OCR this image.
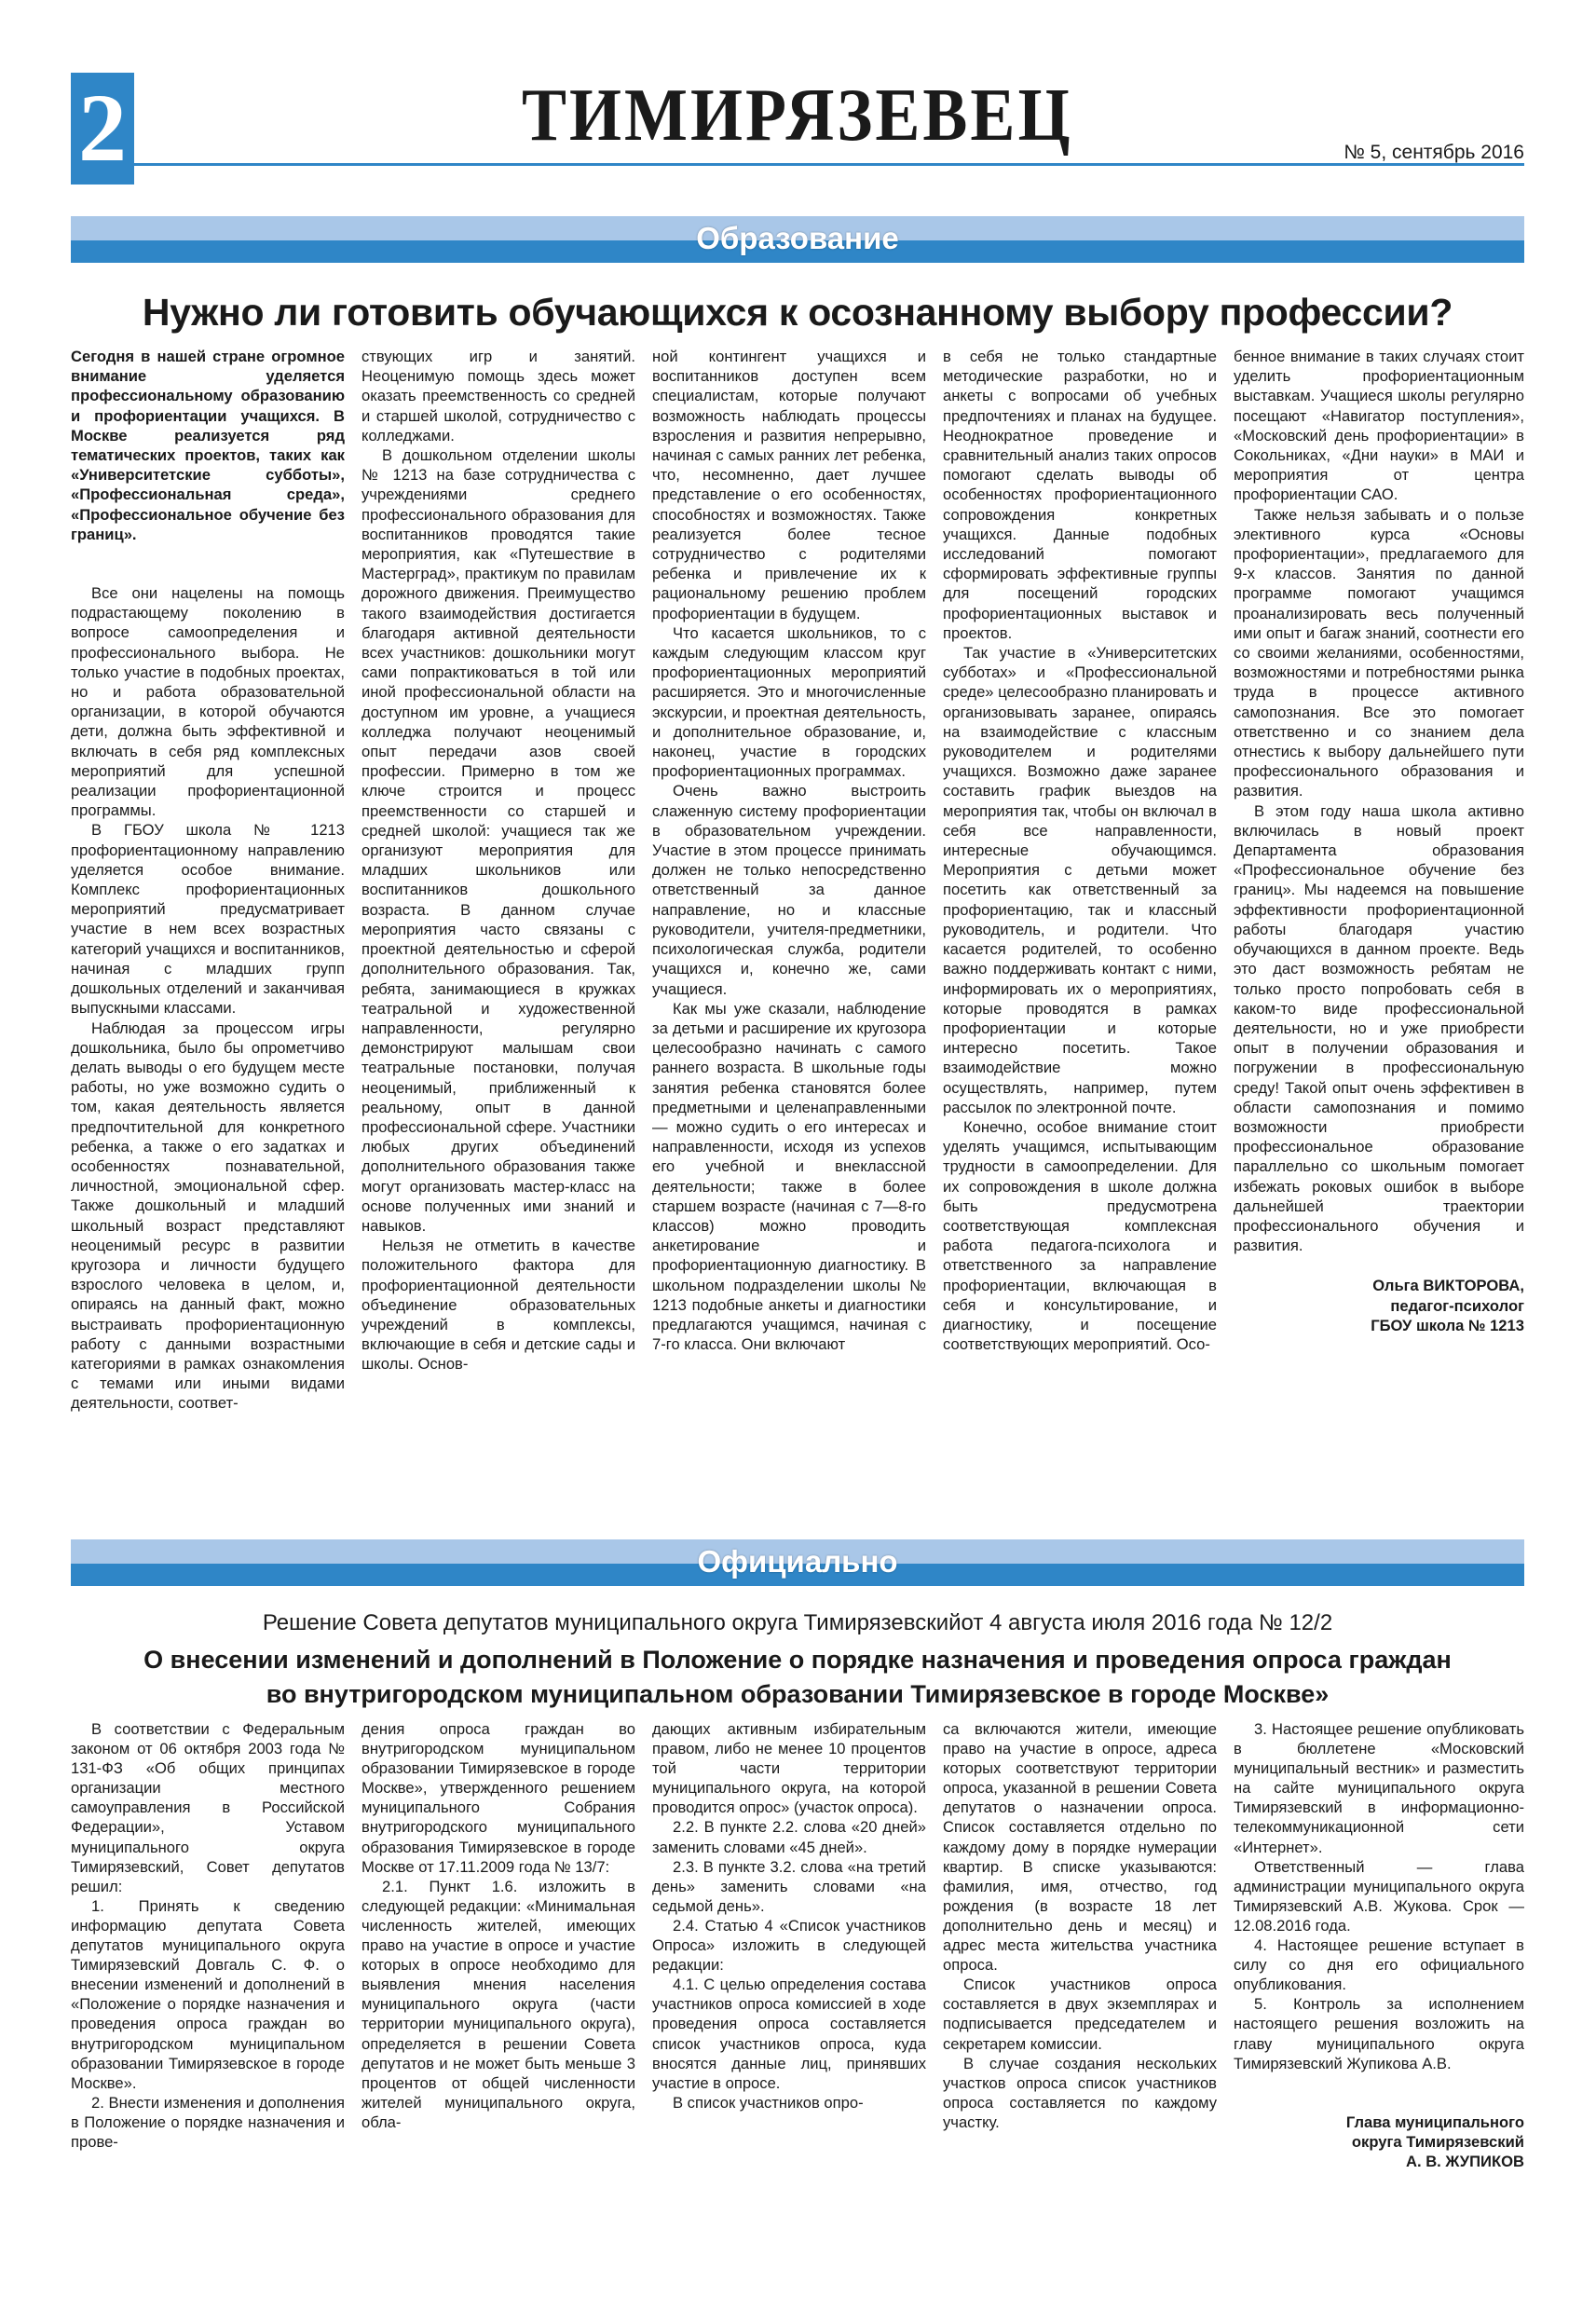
2	ТИМИРЯЗЕВЕЦ	№ 5, сентябрь 2016
Образование
Нужно ли готовить обучающихся к осознанному выбору профессии?

Сегодня в нашей стране огромное внимание уделяется профессиональному образованию и профориентации учащихся. В Москве реализуется ряд тематических проектов, таких как «Университетские субботы», «Профессиональная среда», «Профессиональное обучение без границ».

Все они нацелены на помощь подрастающему поколению в вопросе самоопределения и профессионального выбора. Не только участие в подобных проектах, но и работа образовательной организации, в которой обучаются дети, должна быть эффективной и включать в себя ряд комплексных мероприятий для успешной реализации профориентационной программы.

В ГБОУ школа № 1213 профориентационному направлению уделяется особое внимание. Комплекс профориентационных мероприятий предусматривает участие в нем всех возрастных категорий учащихся и воспитанников, начиная с младших групп дошкольных отделений и заканчивая выпускными классами.

Наблюдая за процессом игры дошкольника, было бы опрометчиво делать выводы о его будущем месте работы, но уже возможно судить о том, какая деятельность является предпочтительной для конкретного ребенка, а также о его задатках и особенностях познавательной, личностной, эмоциональной сфер. Также дошкольный и младший школьный возраст представляют неоценимый ресурс в развитии кругозора и личности будущего взрослого человека в целом, и, опираясь на данный факт, можно выстраивать профориентационную работу с данными возрастными категориями в рамках ознакомления с темами или иными видами деятельности, соответ-

ствующих игр и занятий. Неоценимую помощь здесь может оказать преемственность со средней и старшей школой, сотрудничество с колледжами.

В дошкольном отделении школы № 1213 на базе сотрудничества с учреждениями среднего профессионального образования для воспитанников проводятся такие мероприятия, как «Путешествие в Мастерград», практикум по правилам дорожного движения. Преимущество такого взаимодействия достигается благодаря активной деятельности всех участников: дошкольники могут сами попрактиковаться в той или иной профессиональной области на доступном им уровне, а учащиеся колледжа получают неоценимый опыт передачи азов своей профессии. Примерно в том же ключе строится и процесс преемственности со старшей и средней школой: учащиеся так же организуют мероприятия для младших школьников или воспитанников дошкольного возраста. В данном случае мероприятия часто связаны с проектной деятельностью и сферой дополнительного образования. Так, ребята, занимающиеся в кружках театральной и художественной направленности, регулярно демонстрируют малышам свои театральные постановки, получая неоценимый, приближенный к реальному, опыт в данной профессиональной сфере. Участники любых других объединений дополнительного образования также могут организовать мастер-класс на основе полученных ими знаний и навыков.

Нельзя не отметить в качестве положительного фактора для профориентационной деятельности объединение образовательных учреждений в комплексы, включающие в себя и детские сады и школы. Основ-

ной контингент учащихся и воспитанников доступен всем специалистам, которые получают возможность наблюдать процессы взросления и развития непрерывно, начиная с самых ранних лет ребенка, что, несомненно, дает лучшее представление о его особенностях, способностях и возможностях. Также реализуется более тесное сотрудничество с родителями ребенка и привлечение их к рациональному решению проблем профориентации в будущем.

Что касается школьников, то с каждым следующим классом круг профориентационных мероприятий расширяется. Это и многочисленные экскурсии, и проектная деятельность, и дополнительное образование, и, наконец, участие в городских профориентационных программах.

Очень важно выстроить слаженную систему профориентации в образовательном учреждении. Участие в этом процессе принимать должен не только непосредственно ответственный за данное направление, но и классные руководители, учителя-предметники, психологическая служба, родители учащихся и, конечно же, сами учащиеся.

Как мы уже сказали, наблюдение за детьми и расширение их кругозора целесообразно начинать с самого раннего возраста. В школьные годы занятия ребенка становятся более предметными и целенаправленными — можно судить о его интересах и направленности, исходя из успехов его учебной и внеклассной деятельности; также в более старшем возрасте (начиная с 7—8-го классов) можно проводить анкетирование и профориентационную диагностику. В школьном подразделении школы № 1213 подобные анкеты и диагностики предлагаются учащимся, начиная с 7-го класса. Они включают

в себя не только стандартные методические разработки, но и анкеты с вопросами об учебных предпочтениях и планах на будущее. Неоднократное проведение и сравнительный анализ таких опросов помогают сделать выводы об особенностях профориентационного сопровождения конкретных учащихся. Данные подобных исследований помогают сформировать эффективные группы для посещений городских профориентационных выставок и проектов.

Так участие в «Университетских субботах» и «Профессиональной среде» целесообразно планировать и организовывать заранее, опираясь на взаимодействие с классным руководителем и родителями учащихся. Возможно даже заранее составить график выездов на мероприятия так, чтобы он включал в себя все направленности, интересные обучающимся. Мероприятия с детьми может посетить как ответственный за профориентацию, так и классный руководитель, и родители. Что касается родителей, то особенно важно поддерживать контакт с ними, информировать их о мероприятиях, которые проводятся в рамках профориентации и которые интересно посетить. Такое взаимодействие можно осуществлять, например, путем рассылок по электронной почте.

Конечно, особое внимание стоит уделять учащимся, испытывающим трудности в самоопределении. Для их сопровождения в школе должна быть предусмотрена соответствующая комплексная работа педагога-психолога и ответственного за направление профориентации, включающая в себя и консультирование, и диагностику, и посещение соответствующих мероприятий. Осо-

бенное внимание в таких случаях стоит уделить профориентационным выставкам. Учащиеся школы регулярно посещают «Навигатор поступления», «Московский день профориентации» в Сокольниках, «Дни науки» в МАИ и мероприятия от центра профориентации САО.

Также нельзя забывать и о пользе элективного курса «Основы профориентации», предлагаемого для 9-х классов. Занятия по данной программе помогают учащимся проанализировать весь полученный ими опыт и багаж знаний, соотнести его со своими желаниями, особенностями, возможностями и потребностями рынка труда в процессе активного самопознания. Все это помогает ответственно и со знанием дела отнестись к выбору дальнейшего пути профессионального образования и развития.

В этом году наша школа активно включилась в новый проект Департамента образования «Профессиональное обучение без границ». Мы надеемся на повышение эффективности профориентационной работы благодаря участию обучающихся в данном проекте. Ведь это даст возможность ребятам не только просто попробовать себя в каком-то виде профессиональной деятельности, но и уже приобрести опыт в получении образования и погружении в профессиональную среду! Такой опыт очень эффективен в области самопознания и помимо возможности приобрести профессиональное образование параллельно со школьным помогает избежать роковых ошибок в выборе дальнейшей траектории профессионального обучения и развития.

Ольга ВИКТОРОВА,
педагог-психолог
ГБОУ школа № 1213
Официально
Решение Совета депутатов муниципального округа Тимирязевскийот 4 августа июля 2016 года № 12/2
О внесении изменений и дополнений в Положение о порядке назначения и проведения опроса граждан
во внутригородском муниципальном образовании Тимирязевское в городе Москве»

В соответствии с Федеральным законом от 06 октября 2003 года № 131-ФЗ «Об общих принципах организации местного самоуправления в Российской Федерации», Уставом муниципального округа Тимирязевский, Совет депутатов решил:

1. Принять к сведению информацию депутата Совета депутатов муниципального округа Тимирязевский Довгаль С. Ф. о внесении изменений и дополнений в «Положение о порядке назначения и проведения опроса граждан во внутригородском муниципальном образовании Тимирязевское в городе Москве».

2. Внести изменения и дополнения в Положение о порядке назначения и прове-

дения опроса граждан во внутригородском муниципальном образовании Тимирязевское в городе Москве», утвержденного решением муниципального Собрания внутригородского муниципального образования Тимирязевское в городе Москве от 17.11.2009 года № 13/7:

2.1. Пункт 1.6. изложить в следующей редакции: «Минимальная численность жителей, имеющих право на участие в опросе и участие которых в опросе необходимо для выявления мнения населения муниципального округа (части территории муниципального округа), определяется в решении Совета депутатов и не может быть меньше 3 процентов от общей численности жителей муниципального округа, обла-

дающих активным избирательным правом, либо не менее 10 процентов той части территории муниципального округа, на которой проводится опрос» (участок опроса).

2.2. В пункте 2.2. слова «20 дней» заменить словами «45 дней».

2.3. В пункте 3.2. слова «на третий день» заменить словами «на седьмой день».

2.4. Статью 4 «Список участников Опроса» изложить в следующей редакции:

4.1. С целью определения состава участников опроса комиссией в ходе проведения опроса составляется список участников опроса, куда вносятся данные лиц, принявших участие в опросе.

В список участников опро-

са включаются жители, имеющие право на участие в опросе, адреса которых соответствуют территории опроса, указанной в решении Совета депутатов о назначении опроса. Список составляется отдельно по каждому дому в порядке нумерации квартир. В списке указываются: фамилия, имя, отчество, год рождения (в возрасте 18 лет дополнительно день и месяц) и адрес места жительства участника опроса.

Список участников опроса составляется в двух экземплярах и подписывается председателем и секретарем комиссии.

В случае создания нескольких участков опроса список участников опроса составляется по каждому участку.

3. Настоящее решение опубликовать в бюллетене «Московский муниципальный вестник» и разместить на сайте муниципального округа Тимирязевский в информационно-телекоммуникационной сети «Интернет».

Ответственный — глава администрации муниципального округа Тимирязевский А.В. Жукова. Срок — 12.08.2016 года.

4. Настоящее решение вступает в силу со дня его официального опубликования.

5. Контроль за исполнением настоящего решения возложить на главу муниципального округа Тимирязевский Жупикова А.В.

Глава муниципального
округа Тимирязевский
А. В. ЖУПИКОВ
